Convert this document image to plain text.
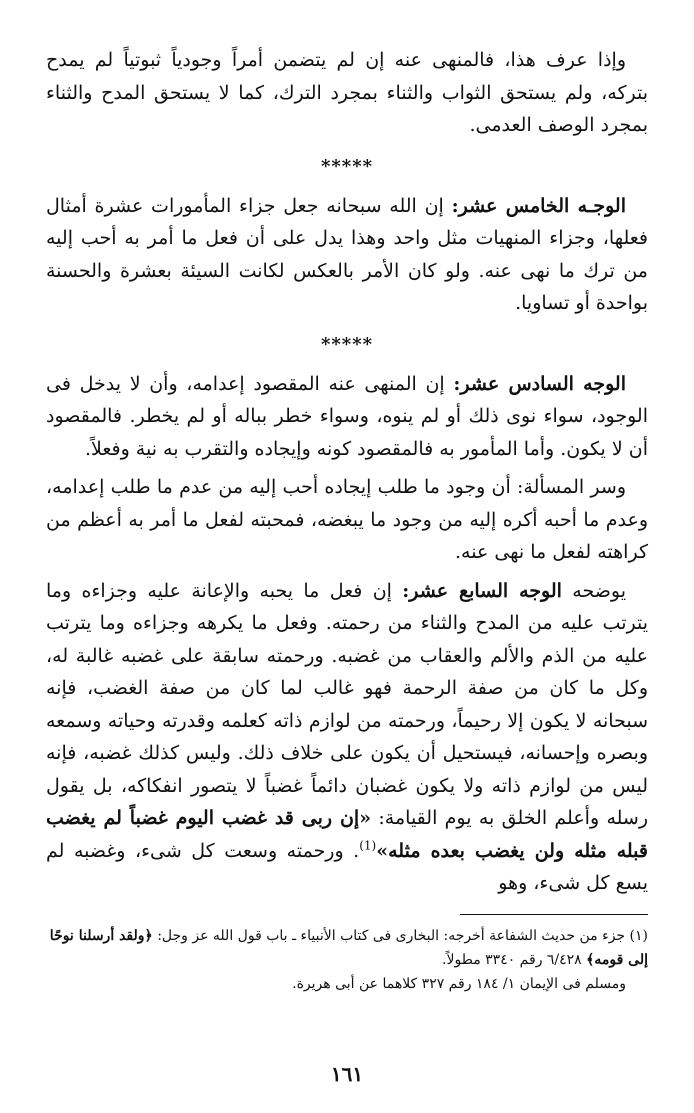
وإذا عرف هذا، فالمنهى عنه إن لم يتضمن أمراً وجودياً ثبوتياً لم يمدح بتركه، ولم يستحق الثواب والثناء بمجرد الترك، كما لا يستحق المدح والثناء بمجرد الوصف العدمى.

*****

الوجـه الخامس عشر: إن الله سبحانه جعل جزاء المأمورات عشرة أمثال فعلها، وجزاء المنهيات مثل واحد وهذا يدل على أن فعل ما أمر به أحب إليه من ترك ما نهى عنه. ولو كان الأمر بالعكس لكانت السيئة بعشرة والحسنة بواحدة أو تساويا.

*****

الوجه السادس عشر: إن المنهى عنه المقصود إعدامه، وأن لا يدخل فى الوجود، سواء نوى ذلك أو لم ينوه، وسواء خطر بباله أو لم يخطر. فالمقصود أن لا يكون. وأما المأمور به فالمقصود كونه وإيجاده والتقرب به نية وفعلاً.

وسر المسألة: أن وجود ما طلب إيجاده أحب إليه من عدم ما طلب إعدامه، وعدم ما أحبه أكره إليه من وجود ما يبغضه، فمحبته لفعل ما أمر به أعظم من كراهته لفعل ما نهى عنه.

يوضحه الوجه السابع عشر: إن فعل ما يحبه والإعانة عليه وجزاءه وما يترتب عليه من المدح والثناء من رحمته. وفعل ما يكرهه وجزاءه وما يترتب عليه من الذم والألم والعقاب من غضبه. ورحمته سابقة على غضبه غالبة له، وكل ما كان من صفة الرحمة فهو غالب لما كان من صفة الغضب، فإنه سبحانه لا يكون إلا رحيماً، ورحمته من لوازم ذاته كعلمه وقدرته وحياته وسمعه وبصره وإحسانه، فيستحيل أن يكون على خلاف ذلك. وليس كذلك غضبه، فإنه ليس من لوازم ذاته ولا يكون غضبان دائماً غضباً لا يتصور انفكاكه، بل يقول رسله وأعلم الخلق به يوم القيامة: «إن ربى قد غضب اليوم غضباً لم يغضب قبله مثله ولن يغضب بعده مثله»$^{(1)}$. ورحمته وسعت كل شىء، وغضبه لم يسع كل شىء، وهو

(١) جزء من حديث الشفاعة أخرجه: البخارى فى كتاب الأنبياء ـ باب قول الله عز وجل: ﴿ولقد أرسلنا نوحًا إلى قومه﴾ ٦/٤٢٨ رقم ٣٣٤٠ مطولاً.

ومسلم فى الإيمان ١/ ١٨٤ رقم ٣٢٧ كلاهما عن أبى هريرة.

١٦١
